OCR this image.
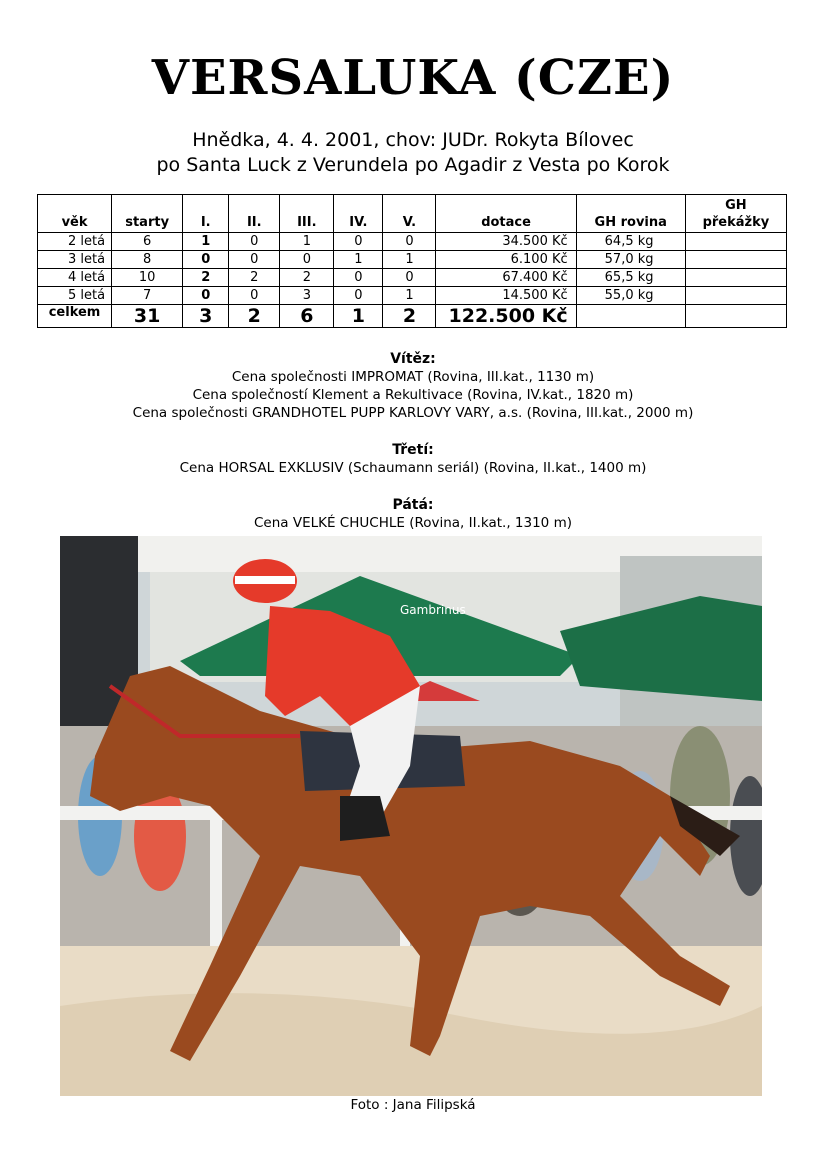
VERSALUKA (CZE)
Hnědka, 4. 4. 2001, chov: JUDr. Rokyta Bílovec
po Santa Luck z Verundela po Agadir z Vesta po Korok
věk	starty	I.	II.	III.	IV.	V.	dotace	GH rovina	GH překážky
2 letá	6	1	0	1	0	0	34.500 Kč	64,5 kg	
3 letá	8	0	0	0	1	1	6.100 Kč	57,0 kg	
4 letá	10	2	2	2	0	0	67.400 Kč	65,5 kg	
5 letá	7	0	0	3	0	1	14.500 Kč	55,0 kg	
celkem	31	3	2	6	1	2	122.500 Kč		
Vítěz:
Cena společnosti IMPROMAT (Rovina, III.kat., 1130 m)
Cena společností Klement a Rekultivace (Rovina, IV.kat., 1820 m)
Cena společnosti GRANDHOTEL PUPP KARLOVY VARY, a.s. (Rovina, III.kat., 2000 m)
Třetí:
Cena HORSAL EXKLUSIV (Schaumann seriál) (Rovina, II.kat., 1400 m)
Pátá:
Cena VELKÉ CHUCHLE (Rovina, II.kat., 1310 m)
Gambrinus
Foto : Jana Filipská
